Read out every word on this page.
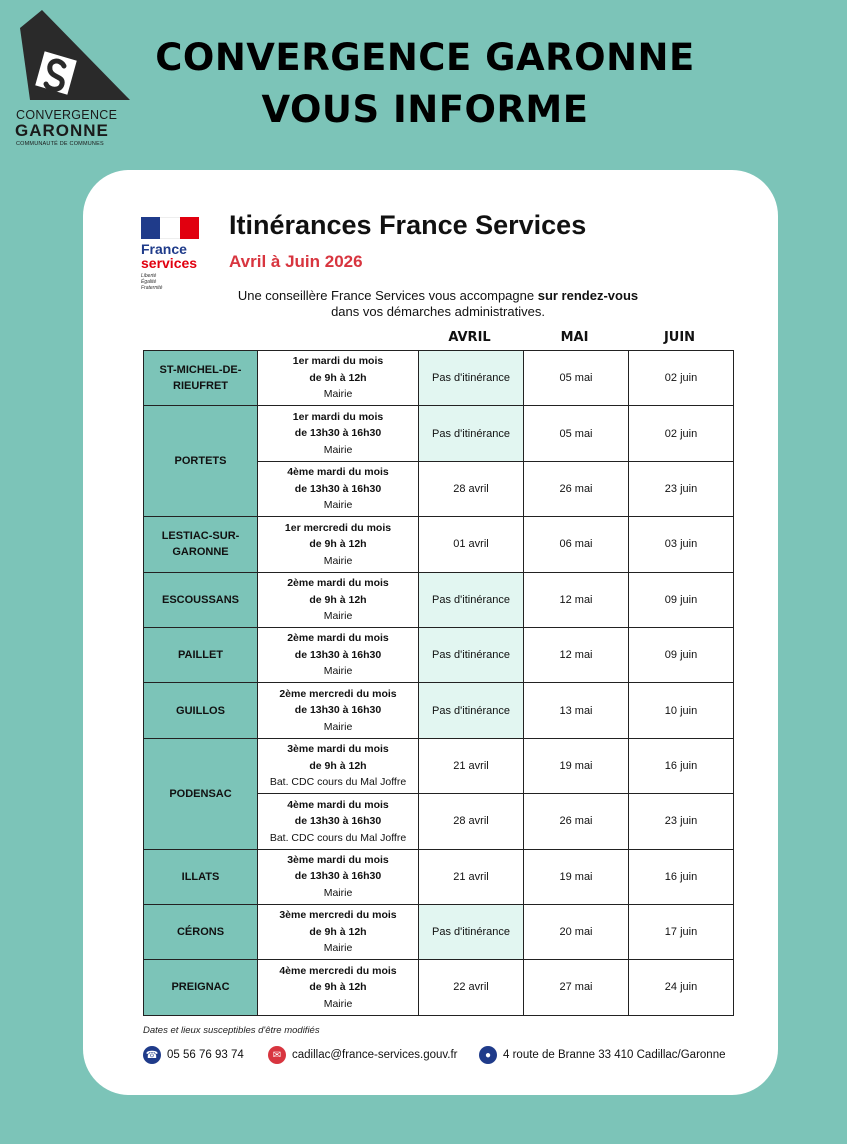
CONVERGENCE
GARONNE
COMMUNAUTÉ DE COMMUNES
CONVERGENCE GARONNE
VOUS INFORME
France
services
Liberté
Égalité
Fraternité
Itinérances France Services
Avril à Juin 2026
Une conseillère France Services vous accompagne sur rendez-vous
dans vos démarches administratives.
AVRIL	MAI	JUIN
ST-MICHEL-DE-RIEUFRET	1er mardi du mois
de 9h à 12h
Mairie	Pas d'itinérance	05 mai	02 juin
PORTETS	1er mardi du mois
de 13h30 à 16h30
Mairie	Pas d'itinérance	05 mai	02 juin

	4ème mardi du mois
de 13h30 à 16h30
Mairie	28 avril	26 mai	23 juin
LESTIAC-SUR-GARONNE	1er mercredi du mois
de 9h à 12h
Mairie	01 avril	06 mai	03 juin
ESCOUSSANS	2ème mardi du mois
de 9h à 12h
Mairie	Pas d'itinérance	12 mai	09 juin
PAILLET	2ème mardi du mois
de 13h30 à 16h30
Mairie	Pas d'itinérance	12 mai	09 juin
GUILLOS	2ème mercredi du mois
de 13h30 à 16h30
Mairie	Pas d'itinérance	13 mai	10 juin
PODENSAC	3ème mardi du mois
de 9h à 12h
Bat. CDC cours du Mal Joffre	21 avril	19 mai	16 juin

	4ème mardi du mois
de 13h30 à 16h30
Bat. CDC cours du Mal Joffre	28 avril	26 mai	23 juin
ILLATS	3ème mardi du mois
de 13h30 à 16h30
Mairie	21 avril	19 mai	16 juin
CÉRONS	3ème mercredi du mois
de 9h à 12h
Mairie	Pas d'itinérance	20 mai	17 juin
PREIGNAC	4ème mercredi du mois
de 9h à 12h
Mairie	22 avril	27 mai	24 juin
Dates et lieux susceptibles d'être modifiés
☎ 05 56 76 93 74	✉ cadillac@france-services.gouv.fr	●	4 route de Branne 33 410 Cadillac/Garonne
